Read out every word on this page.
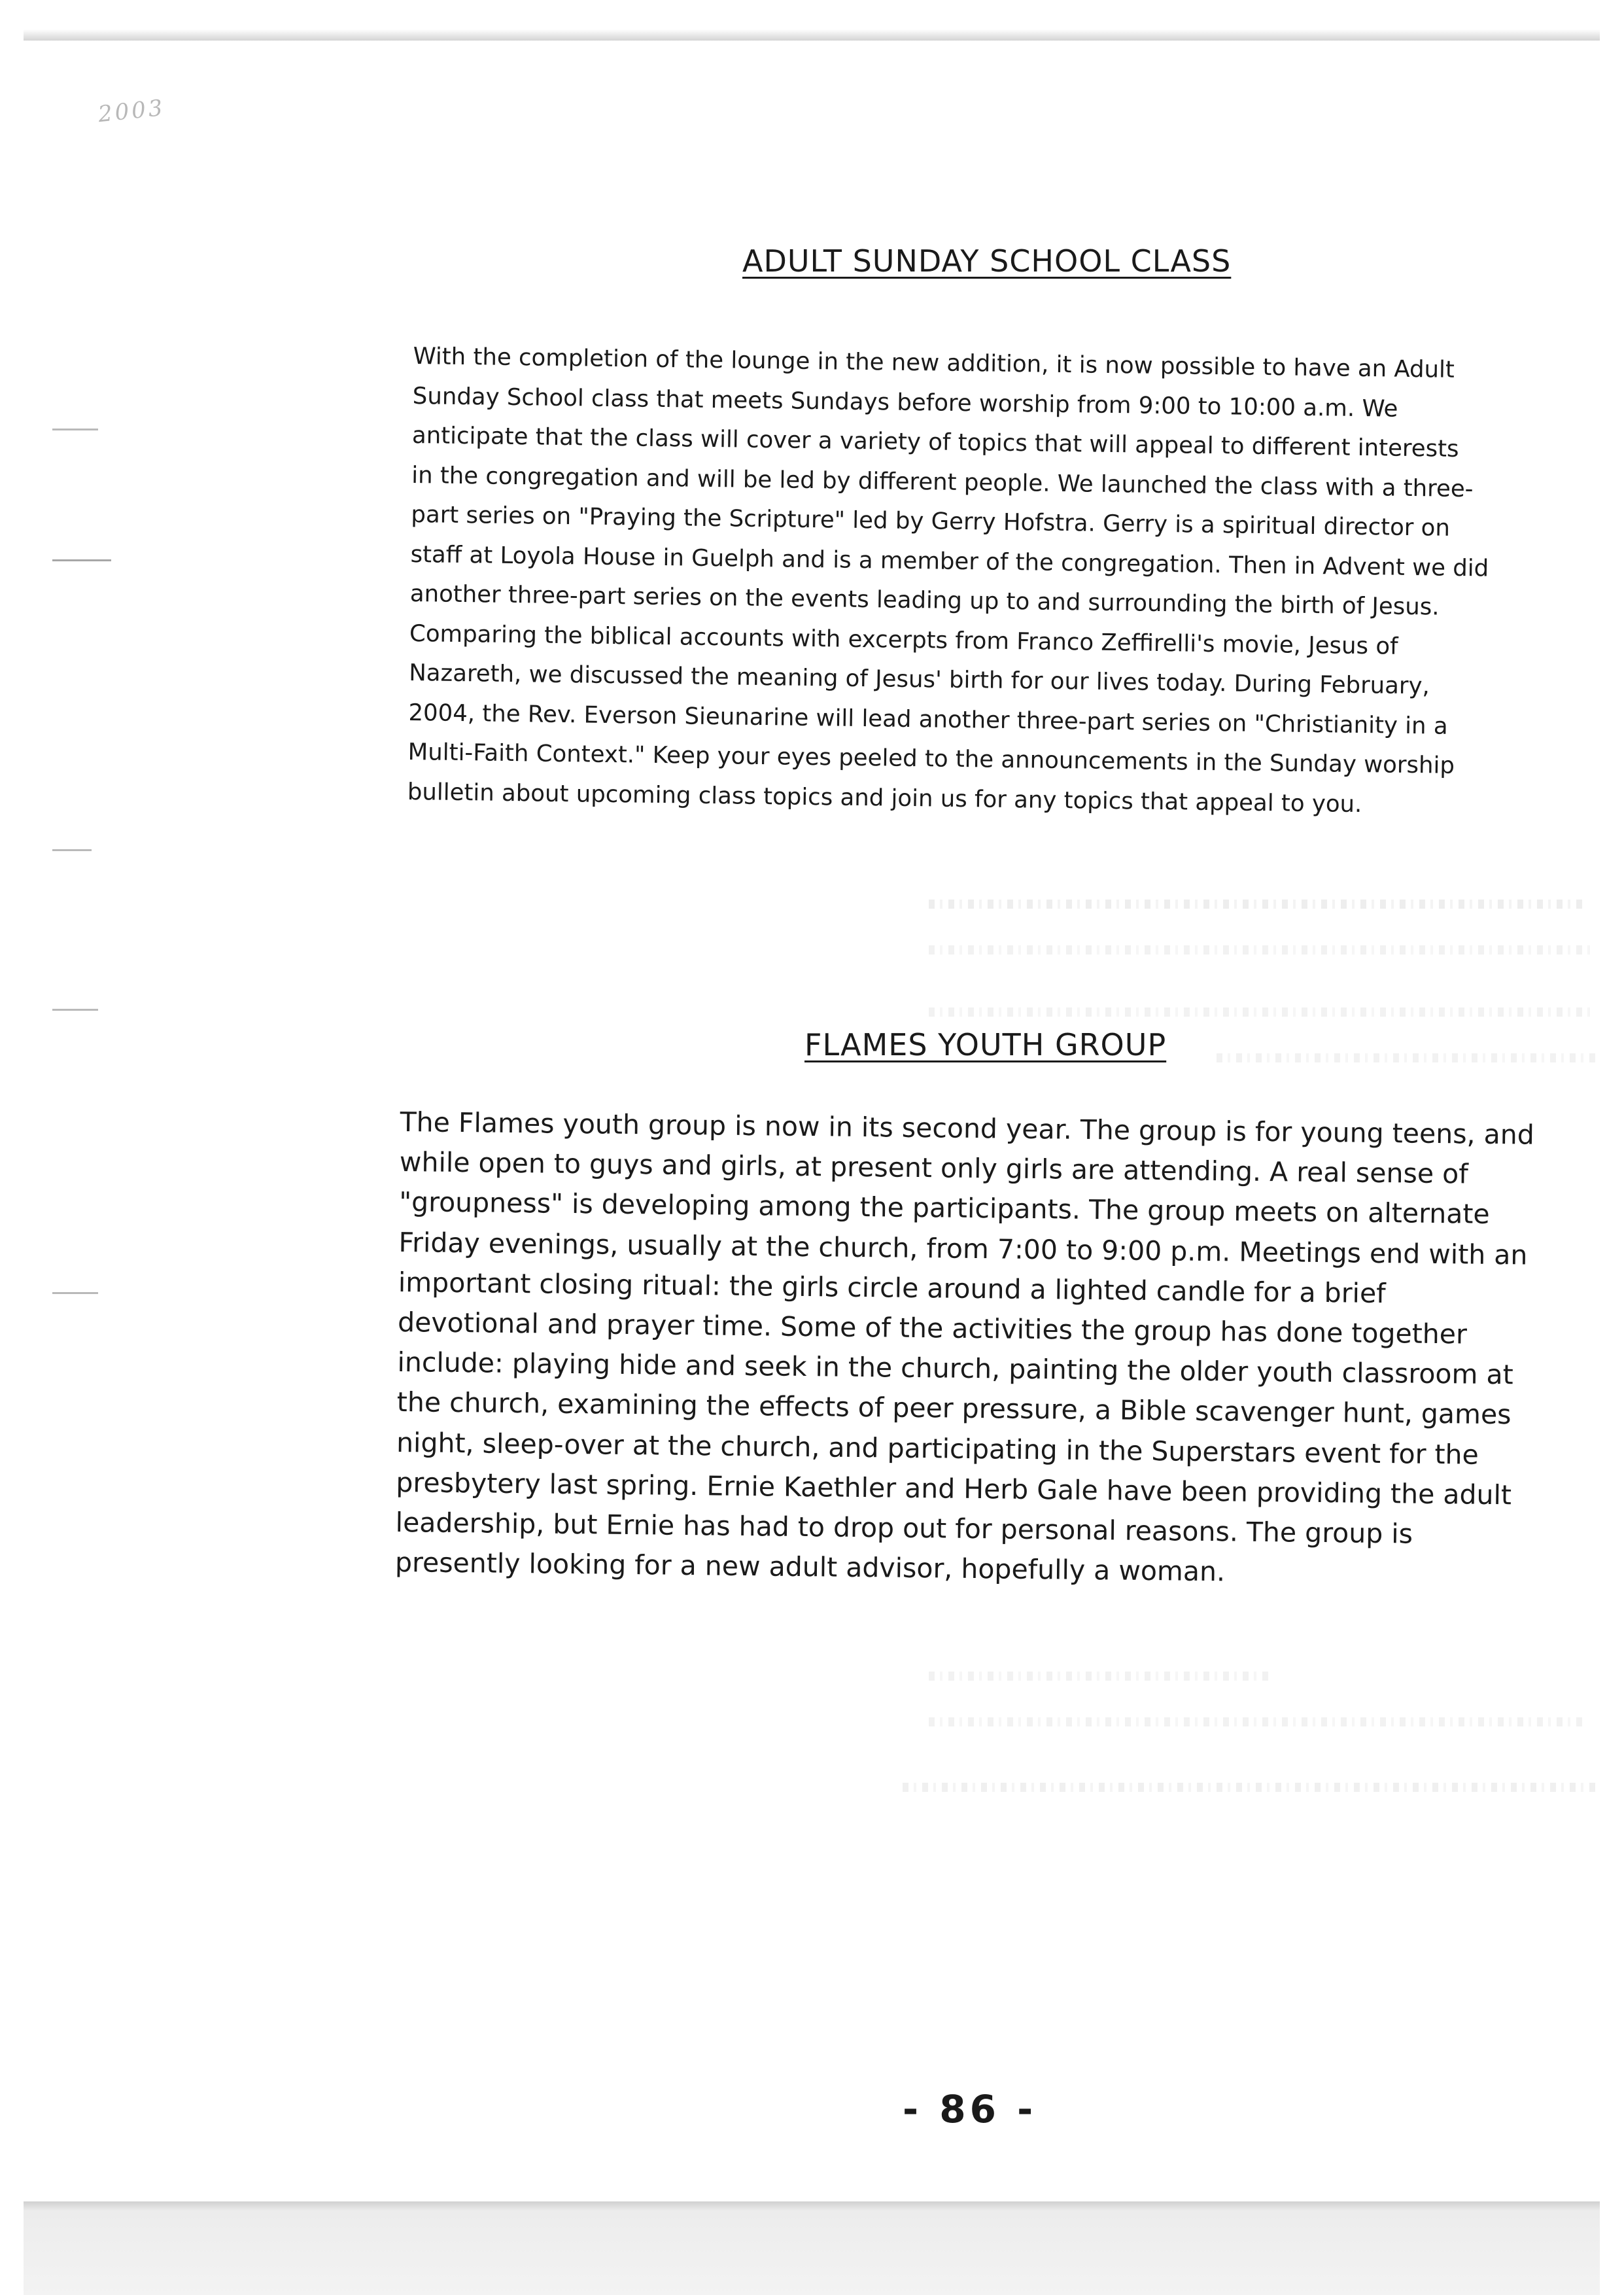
2003
ADULT SUNDAY SCHOOL CLASS
With the completion of the lounge in the new addition, it is now possible to have an Adult
Sunday School class that meets Sundays before worship from 9:00 to 10:00 a.m. We
anticipate that the class will cover a variety of topics that will appeal to different interests
in the congregation and will be led by different people. We launched the class with a three-
part series on "Praying the Scripture" led by Gerry Hofstra. Gerry is a spiritual director on
staff at Loyola House in Guelph and is a member of the congregation. Then in Advent we did
another three-part series on the events leading up to and surrounding the birth of Jesus.
Comparing the biblical accounts with excerpts from Franco Zeffirelli's movie, Jesus of
Nazareth, we discussed the meaning of Jesus' birth for our lives today. During February,
2004, the Rev. Everson Sieunarine will lead another three-part series on "Christianity in a
Multi-Faith Context." Keep your eyes peeled to the announcements in the Sunday worship
bulletin about upcoming class topics and join us for any topics that appeal to you.
FLAMES YOUTH GROUP
The Flames youth group is now in its second year. The group is for young teens, and
while open to guys and girls, at present only girls are attending. A real sense of
"groupness" is developing among the participants. The group meets on alternate
Friday evenings, usually at the church, from 7:00 to 9:00 p.m. Meetings end with an
important closing ritual: the girls circle around a lighted candle for a brief
devotional and prayer time. Some of the activities the group has done together
include: playing hide and seek in the church, painting the older youth classroom at
the church, examining the effects of peer pressure, a Bible scavenger hunt, games
night, sleep-over at the church, and participating in the Superstars event for the
presbytery last spring. Ernie Kaethler and Herb Gale have been providing the adult
leadership, but Ernie has had to drop out for personal reasons. The group is
presently looking for a new adult advisor, hopefully a woman.
- 86 -
